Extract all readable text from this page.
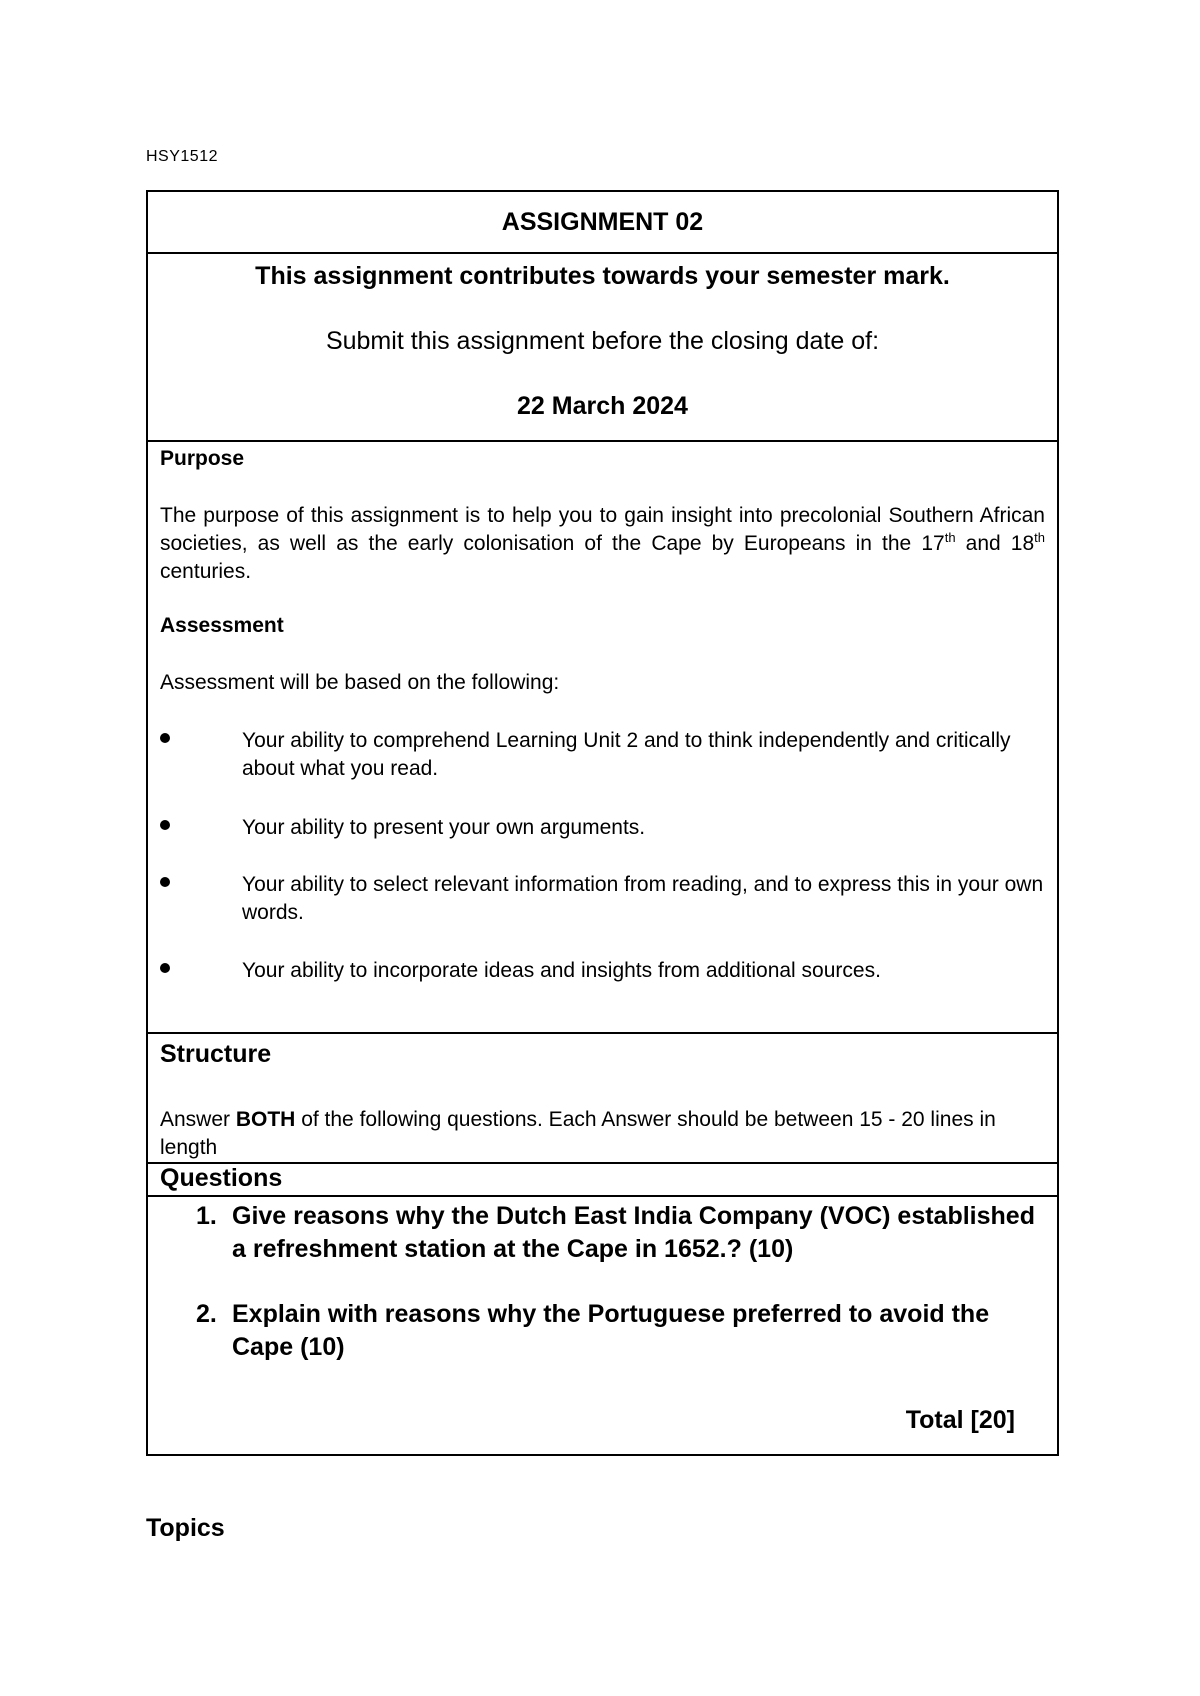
HSY1512
ASSIGNMENT 02
This assignment contributes towards your semester mark.
Submit this assignment before the closing date of:
22 March 2024
Purpose
The purpose of this assignment is to help you to gain insight into precolonial Southern African societies, as well as the early colonisation of the Cape by Europeans in the 17th and 18th centuries.
Assessment
Assessment will be based on the following:
Your ability to comprehend Learning Unit 2 and to think independently and critically about what you read.
Your ability to present your own arguments.
Your ability to select relevant information from reading, and to express this in your own words.
Your ability to incorporate ideas and insights from additional sources.
Structure
Answer BOTH of the following questions. Each Answer should be between 15 - 20 lines in length
Questions
1. Give reasons why the Dutch East India Company (VOC) established a refreshment station at the Cape in 1652.? (10)
2. Explain with reasons why the Portuguese preferred to avoid the Cape (10)
Total [20]
Topics
